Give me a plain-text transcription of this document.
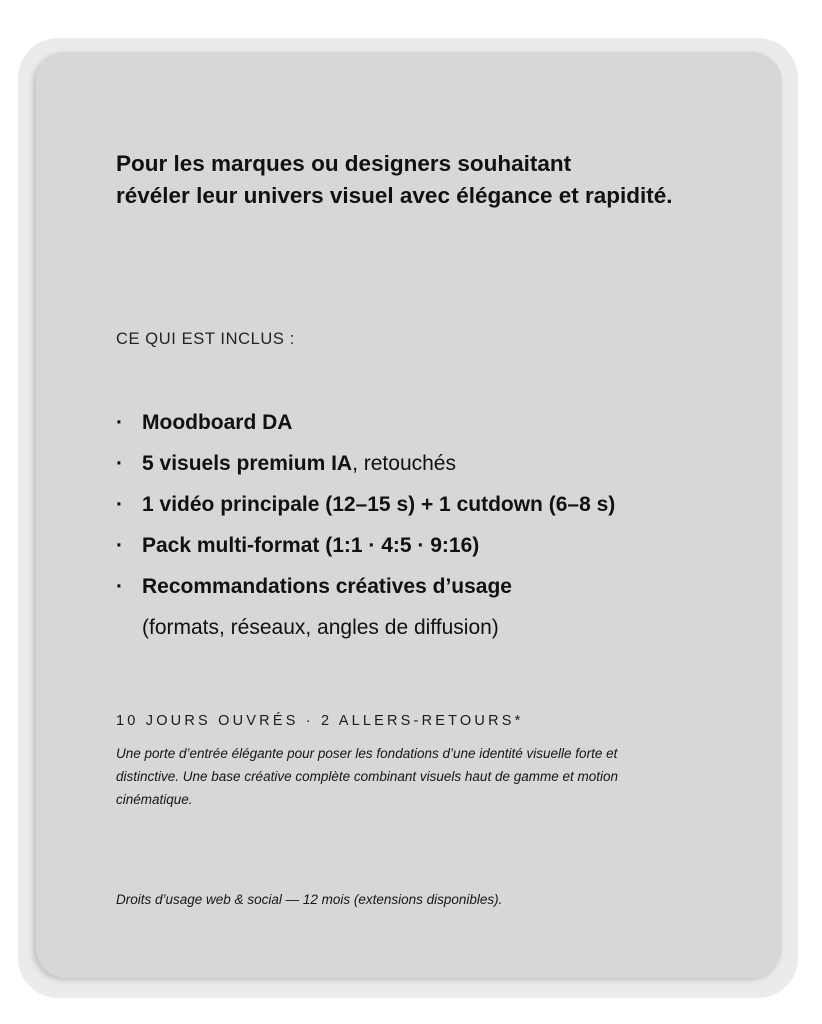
Pour les marques ou designers souhaitant
révéler leur univers visuel avec élégance et rapidité.
CE QUI EST INCLUS :
· Moodboard DA
· 5 visuels premium IA, retouchés
· 1 vidéo principale (12–15 s) + 1 cutdown (6–8 s)
· Pack multi-format (1:1 · 4:5 · 9:16)
· Recommandations créatives d’usage
(formats, réseaux, angles de diffusion)

10 JOURS OUVRÉS · 2 ALLERS-RETOURS*

Une porte d’entrée élégante pour poser les fondations d’une identité visuelle forte et
distinctive. Une base créative complète combinant visuels haut de gamme et motion
cinématique.

Droits d’usage web & social — 12 mois (extensions disponibles).
